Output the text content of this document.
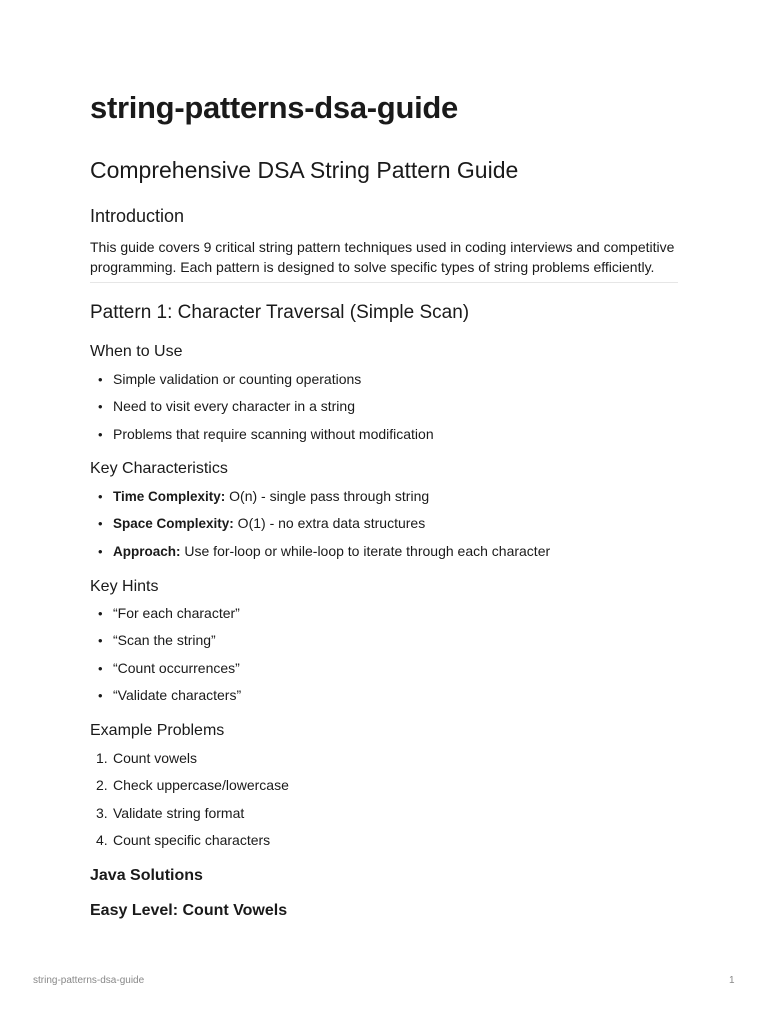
string-patterns-dsa-guide
Comprehensive DSA String Pattern Guide
Introduction

This guide covers 9 critical string pattern techniques used in coding interviews and competitive programming. Each pattern is designed to solve specific types of string problems efficiently.

Pattern 1: Character Traversal (Simple Scan)
When to Use
• Simple validation or counting operations
• Need to visit every character in a string
• Problems that require scanning without modification
Key Characteristics
• Time Complexity: O(n) - single pass through string
• Space Complexity: O(1) - no extra data structures
• Approach: Use for-loop or while-loop to iterate through each character
Key Hints
• “For each character”
• “Scan the string”
• “Count occurrences”
• “Validate characters”
Example Problems
1. Count vowels
2. Check uppercase/lowercase
3. Validate string format
4. Count specific characters
Java Solutions
Easy Level: Count Vowels
string-patterns-dsa-guide	1
